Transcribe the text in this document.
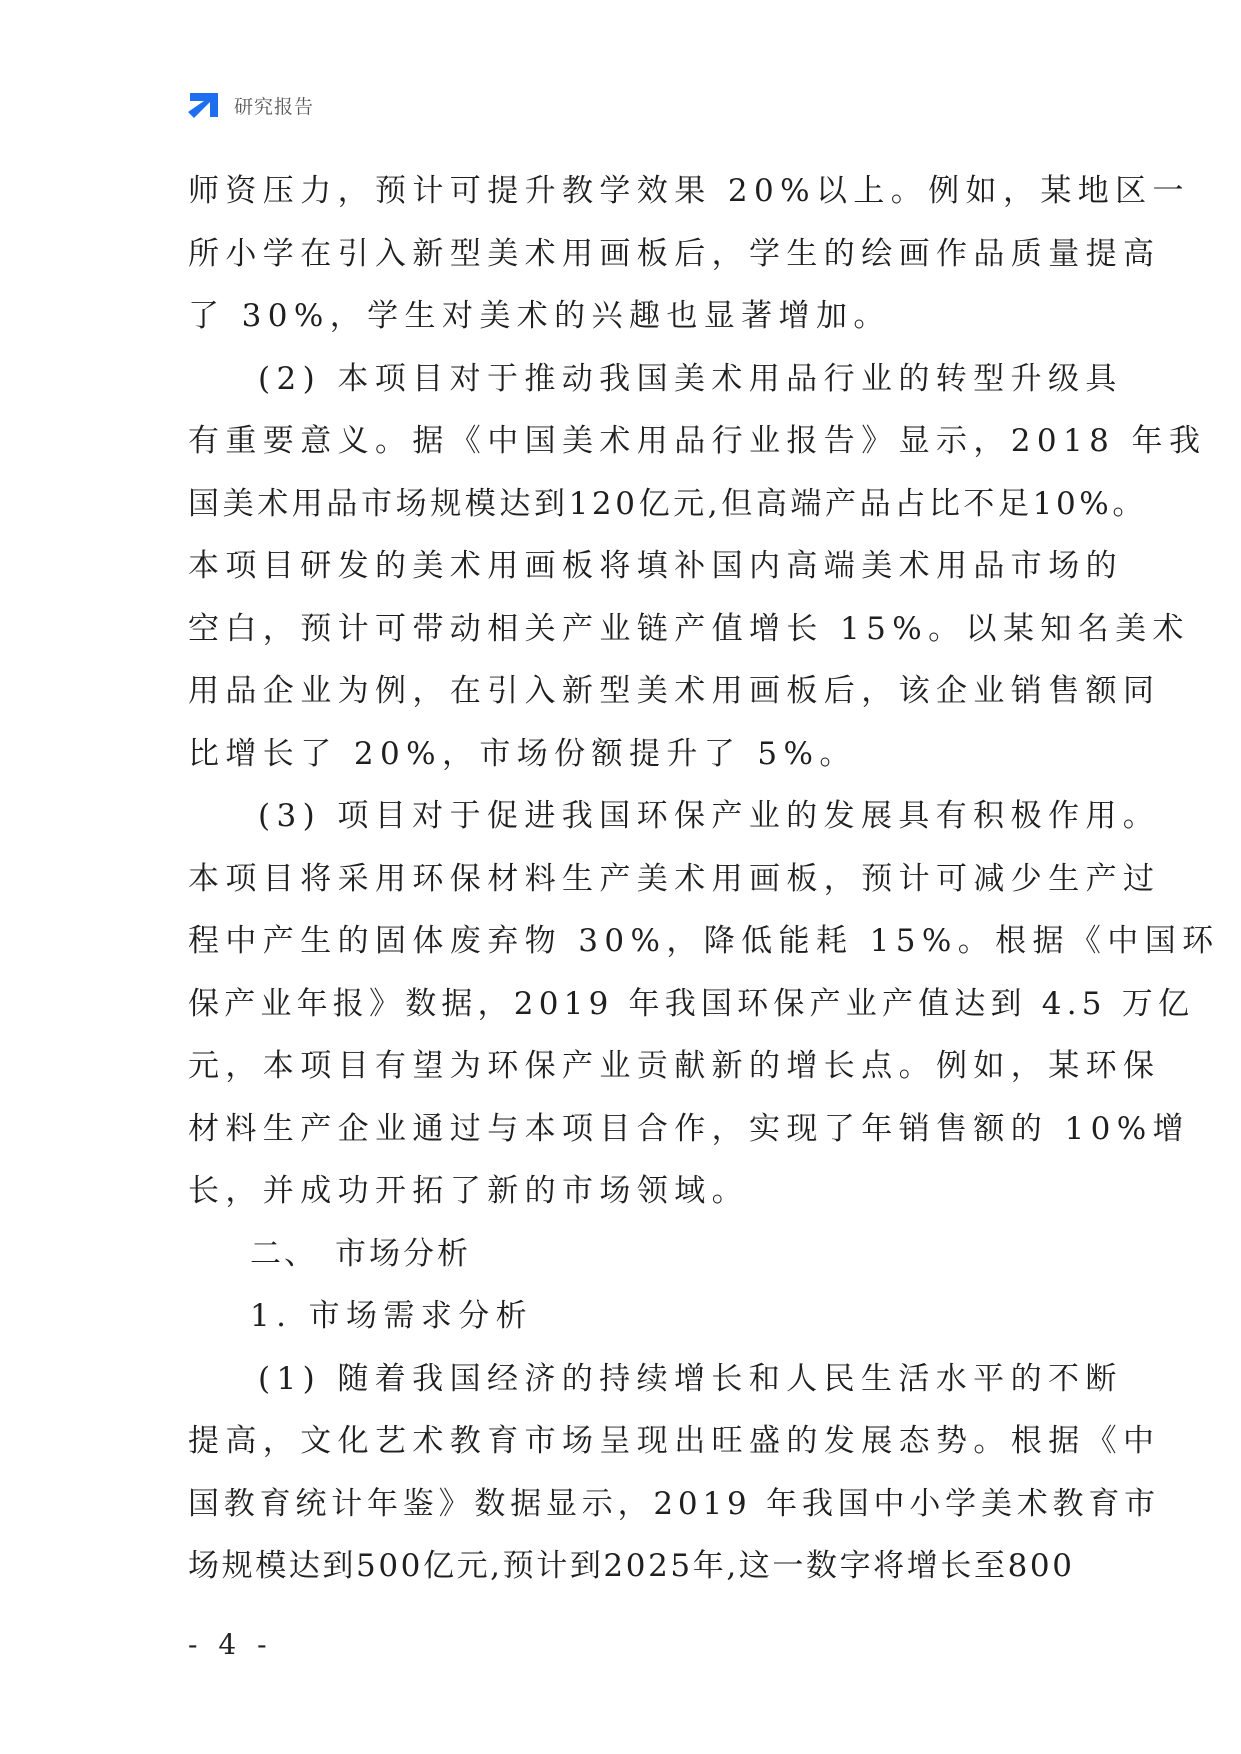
研究报告
师资压力，预计可提升教学效果 20%以上。例如，某地区一
所小学在引入新型美术用画板后，学生的绘画作品质量提高
了 30%，学生对美术的兴趣也显著增加。
(2) 本项目对于推动我国美术用品行业的转型升级具
有重要意义。据《中国美术用品行业报告》显示，2018 年我
国美术用品市场规模达到120亿元,但高端产品占比不足10%。
本项目研发的美术用画板将填补国内高端美术用品市场的
空白，预计可带动相关产业链产值增长 15%。以某知名美术
用品企业为例，在引入新型美术用画板后，该企业销售额同
比增长了 20%，市场份额提升了 5%。
(3) 项目对于促进我国环保产业的发展具有积极作用。
本项目将采用环保材料生产美术用画板，预计可减少生产过
程中产生的固体废弃物 30%，降低能耗 15%。根据《中国环
保产业年报》数据，2019 年我国环保产业产值达到 4.5 万亿
元，本项目有望为环保产业贡献新的增长点。例如，某环保
材料生产企业通过与本项目合作，实现了年销售额的 10%增
长，并成功开拓了新的市场领域。
二、 市场分析
1. 市场需求分析
(1) 随着我国经济的持续增长和人民生活水平的不断
提高，文化艺术教育市场呈现出旺盛的发展态势。根据《中
国教育统计年鉴》数据显示，2019 年我国中小学美术教育市
场规模达到500亿元,预计到2025年,这一数字将增长至800
- 4 -
